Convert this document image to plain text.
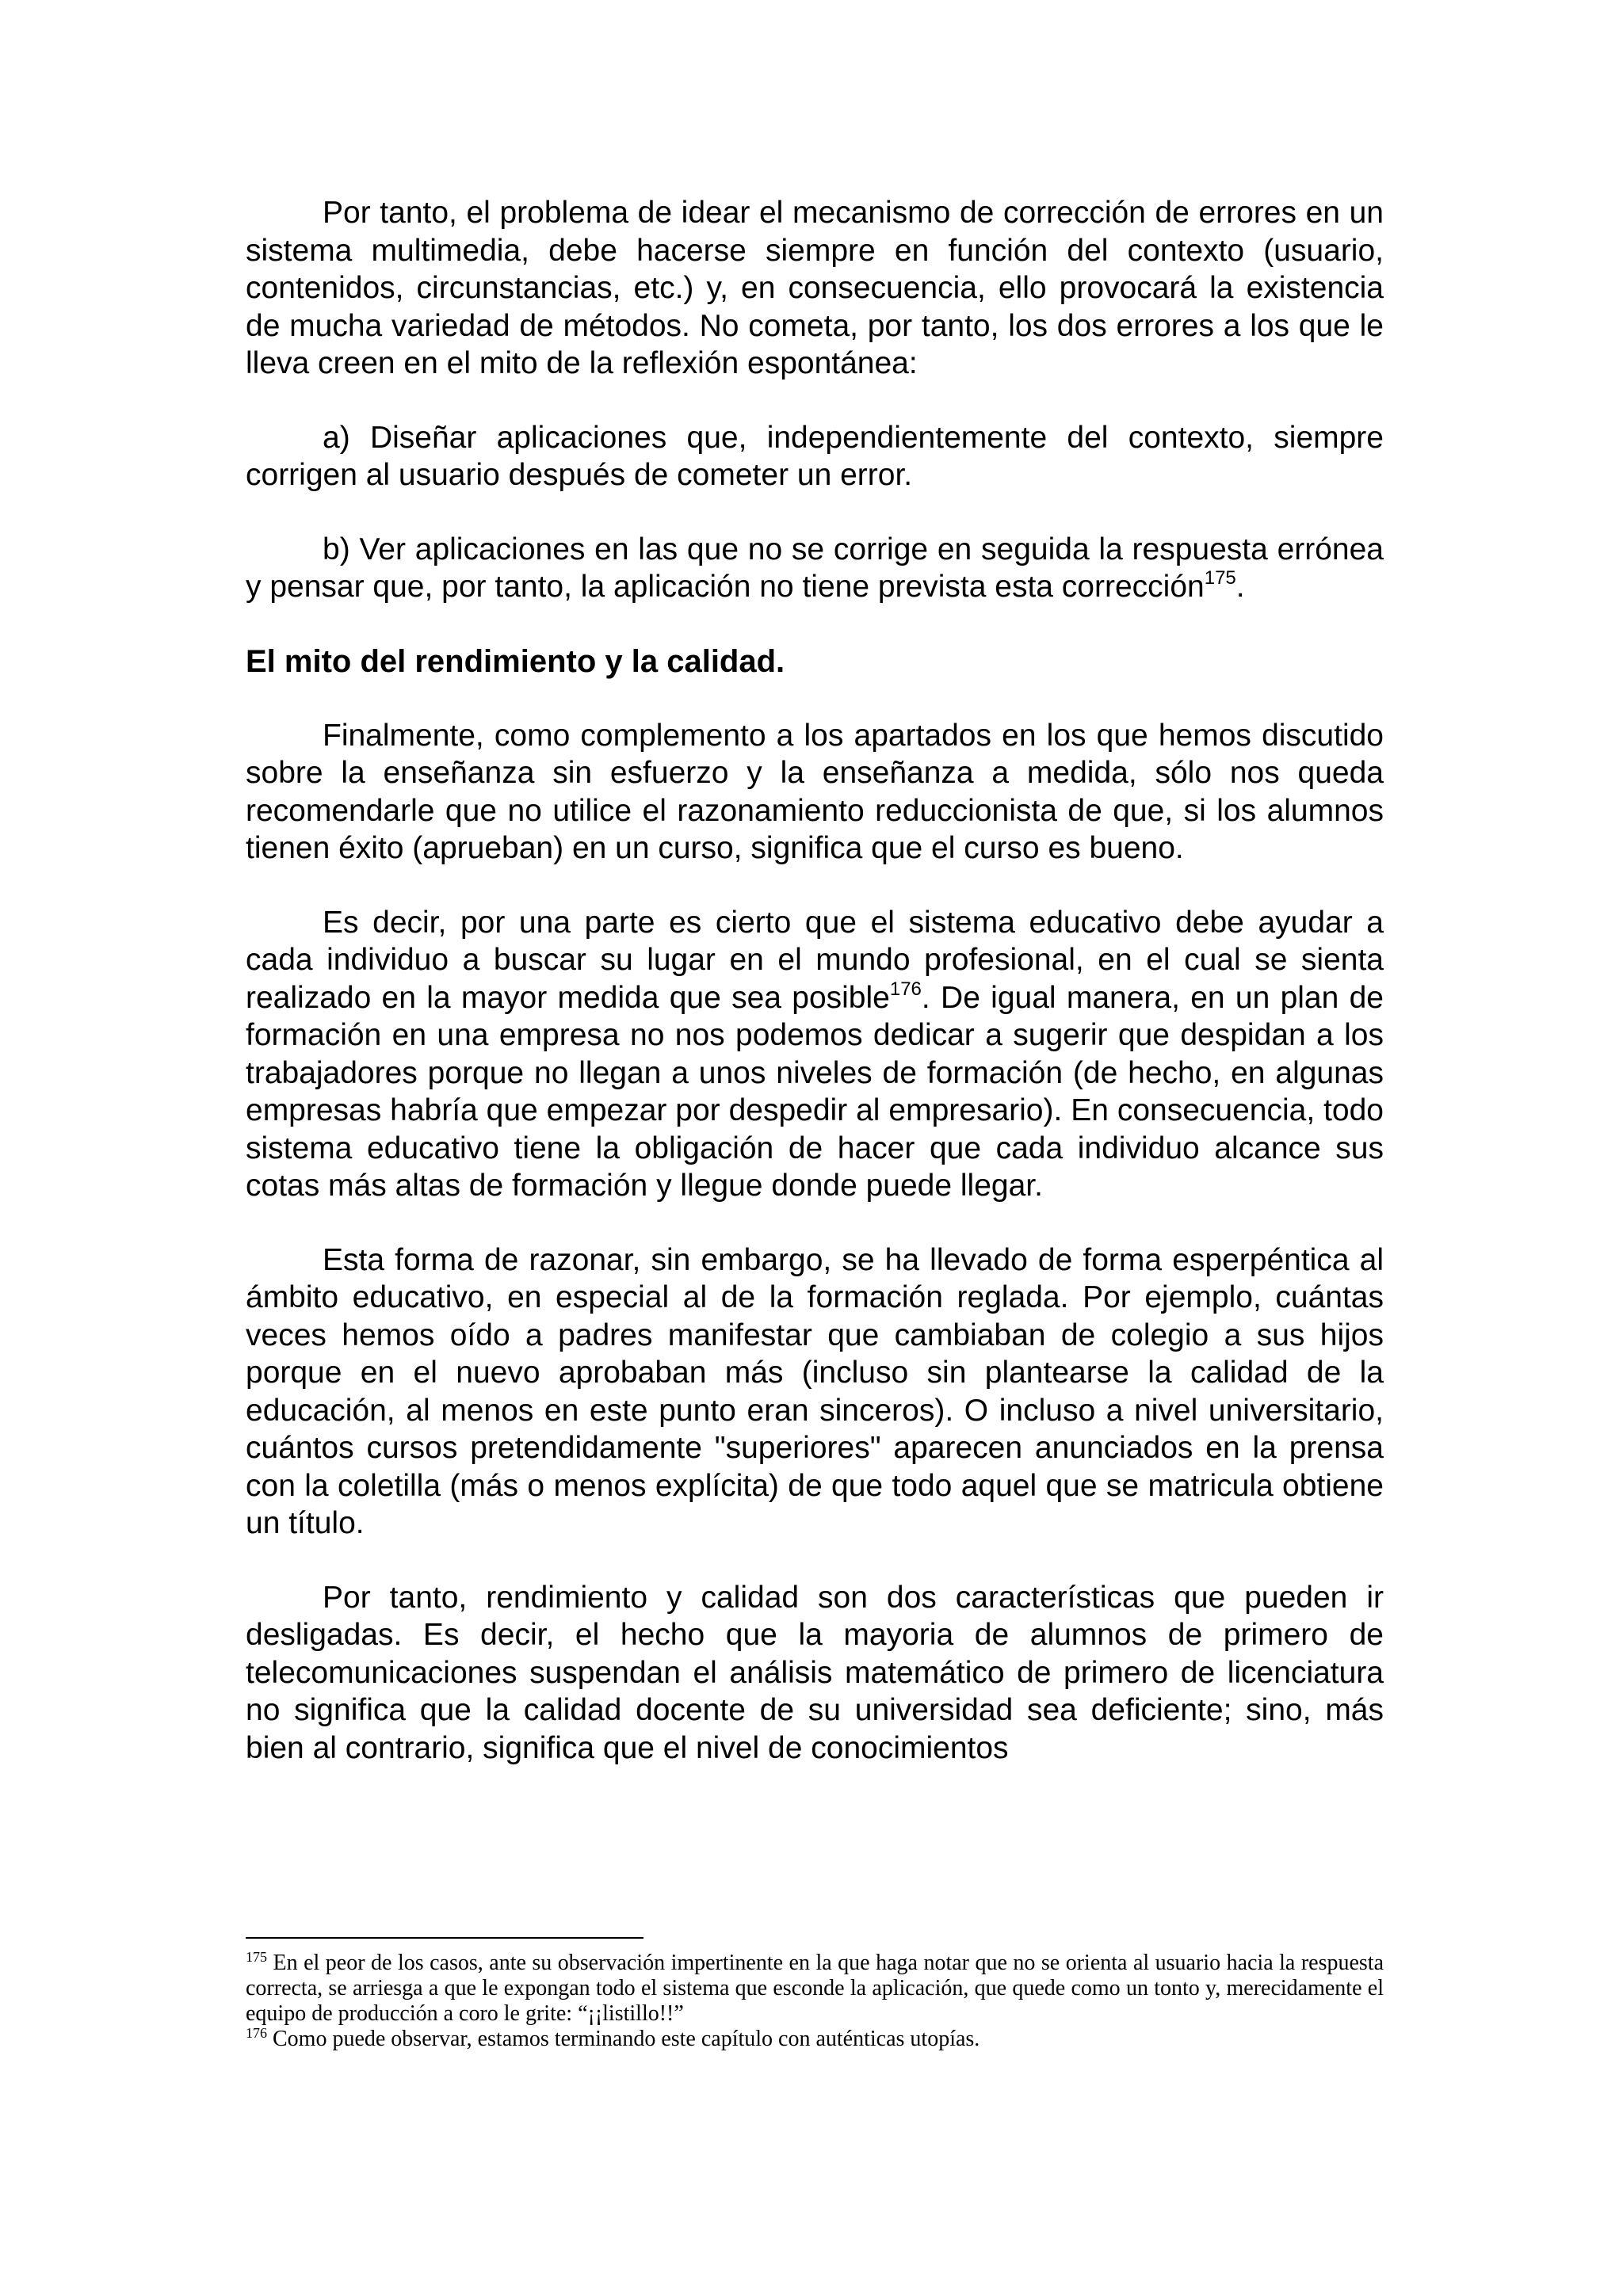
Por tanto, el problema de idear el mecanismo de corrección de errores en un sistema multimedia, debe hacerse siempre en función del contexto (usuario, contenidos, circunstancias, etc.) y, en consecuencia, ello provocará la existencia de mucha variedad de métodos. No cometa, por tanto, los dos errores a los que le lleva creen en el mito de la reflexión espontánea:

a) Diseñar aplicaciones que, independientemente del contexto, siempre corrigen al usuario después de cometer un error.

b) Ver aplicaciones en las que no se corrige en seguida la respuesta errónea y pensar que, por tanto, la aplicación no tiene prevista esta corrección$^{175}$.

El mito del rendimiento y la calidad.

Finalmente, como complemento a los apartados en los que hemos discutido sobre la enseñanza sin esfuerzo y la enseñanza a medida, sólo nos queda recomendarle que no utilice el razonamiento reduccionista de que, si los alumnos tienen éxito (aprueban) en un curso, significa que el curso es bueno.

Es decir, por una parte es cierto que el sistema educativo debe ayudar a cada individuo a buscar su lugar en el mundo profesional, en el cual se sienta realizado en la mayor medida que sea posible$^{176}$. De igual manera, en un plan de formación en una empresa no nos podemos dedicar a sugerir que despidan a los trabajadores porque no llegan a unos niveles de formación (de hecho, en algunas empresas habría que empezar por despedir al empresario). En consecuencia, todo sistema educativo tiene la obligación de hacer que cada individuo alcance sus cotas más altas de formación y llegue donde puede llegar.

Esta forma de razonar, sin embargo, se ha llevado de forma esperpéntica al ámbito educativo, en especial al de la formación reglada. Por ejemplo, cuántas veces hemos oído a padres manifestar que cambiaban de colegio a sus hijos porque en el nuevo aprobaban más (incluso sin plantearse la calidad de la educación, al menos en este punto eran sinceros). O incluso a nivel universitario, cuántos cursos pretendidamente "superiores" aparecen anunciados en la prensa con la coletilla (más o menos explícita) de que todo aquel que se matricula obtiene un título.

Por tanto, rendimiento y calidad son dos características que pueden ir desligadas. Es decir, el hecho que la mayoria de alumnos de primero de telecomunicaciones suspendan el análisis matemático de primero de licenciatura no significa que la calidad docente de su universidad sea deficiente; sino, más bien al contrario, significa que el nivel de conocimientos

$^{175}$ En el peor de los casos, ante su observación impertinente en la que haga notar que no se orienta al usuario hacia la respuesta correcta, se arriesga a que le expongan todo el sistema que esconde la aplicación, que quede como un tonto y, merecidamente el equipo de producción a coro le grite: “¡¡listillo!!”

$^{176}$ Como puede observar, estamos terminando este capítulo con auténticas utopías.
